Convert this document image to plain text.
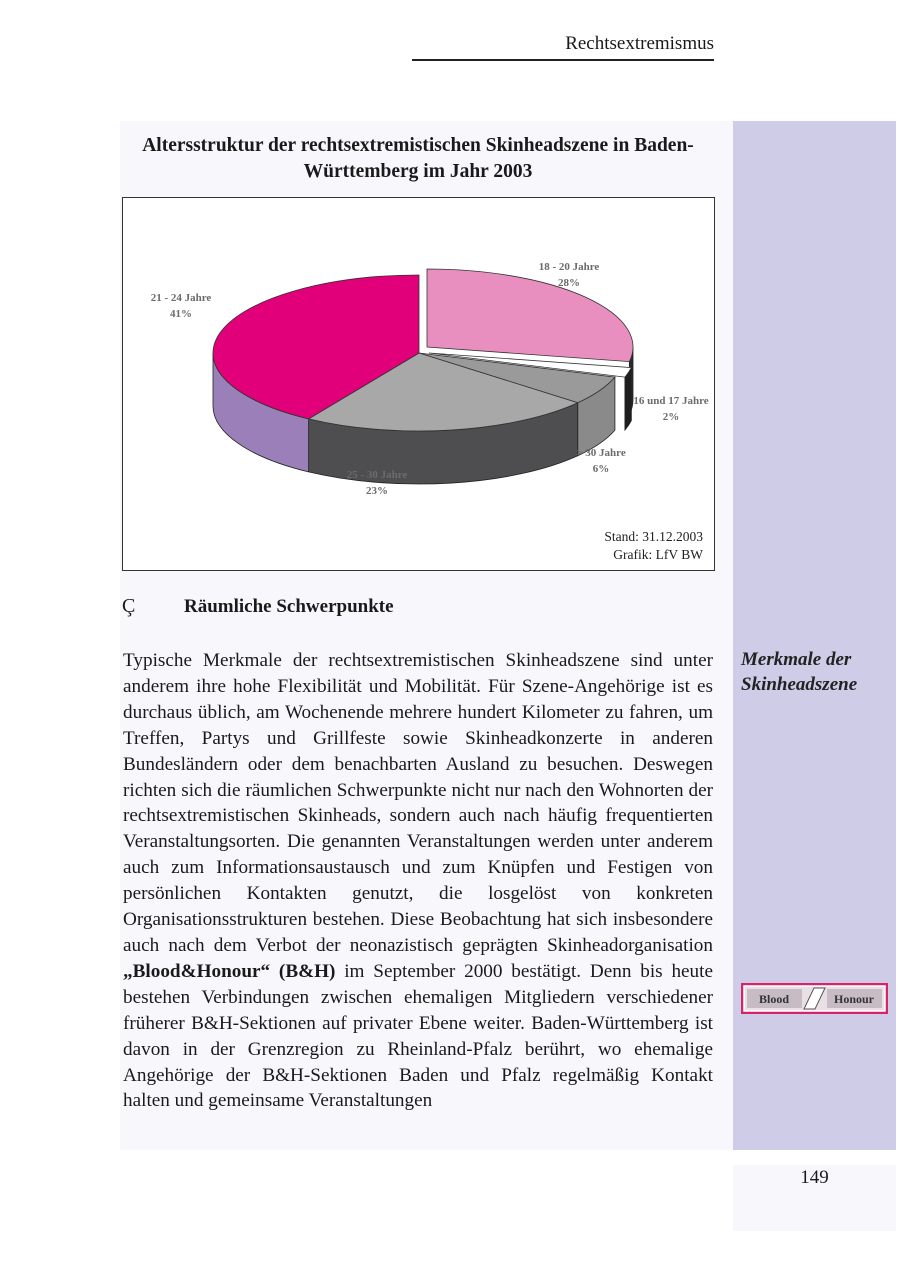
Rechtsextremismus
149
Altersstruktur der rechtsextremistischen Skinheadszene in Baden-Württemberg im Jahr 2003
18 - 20 Jahre
28%
16 und 17 Jahre
2%
> 30 Jahre
6%
25 - 30 Jahre
23%
21 - 24 Jahre
41%
Stand: 31.12.2003
Grafik: LfV BW
Ç	Räumliche Schwerpunkte
Typische Merkmale der rechtsextremistischen Skinheadszene sind unter anderem ihre hohe Flexibilität und Mobilität. Für Szene-Angehörige ist es durchaus üblich, am Wochenende mehrere hundert Kilometer zu fahren, um Treffen, Partys und Grillfeste sowie Skinheadkonzerte in anderen Bundesländern oder dem benachbarten Ausland zu besuchen. Deswegen richten sich die räumlichen Schwerpunkte nicht nur nach den Wohnorten der rechtsextremistischen Skinheads, sondern auch nach häufig frequentierten Veranstaltungsorten. Die genannten Veranstaltungen werden unter anderem auch zum Informationsaustausch und zum Knüpfen und Festigen von persönlichen Kontakten genutzt, die losgelöst von konkreten Organisationsstrukturen bestehen. Diese Beobachtung hat sich insbesondere auch nach dem Verbot der neonazistisch geprägten Skinheadorganisation „Blood&Honour“ (B&H) im September 2000 bestätigt. Denn bis heute bestehen Verbindungen zwischen ehemaligen Mitgliedern verschiedener früherer B&H-Sektionen auf privater Ebene weiter. Baden-Württemberg ist davon in der Grenzregion zu Rheinland-Pfalz berührt, wo ehemalige Angehörige der B&H-Sektionen Baden und Pfalz regelmäßig Kontakt halten und gemeinsame Veranstaltungen
Merkmale der
Skinheadszene
Blood	Honour
